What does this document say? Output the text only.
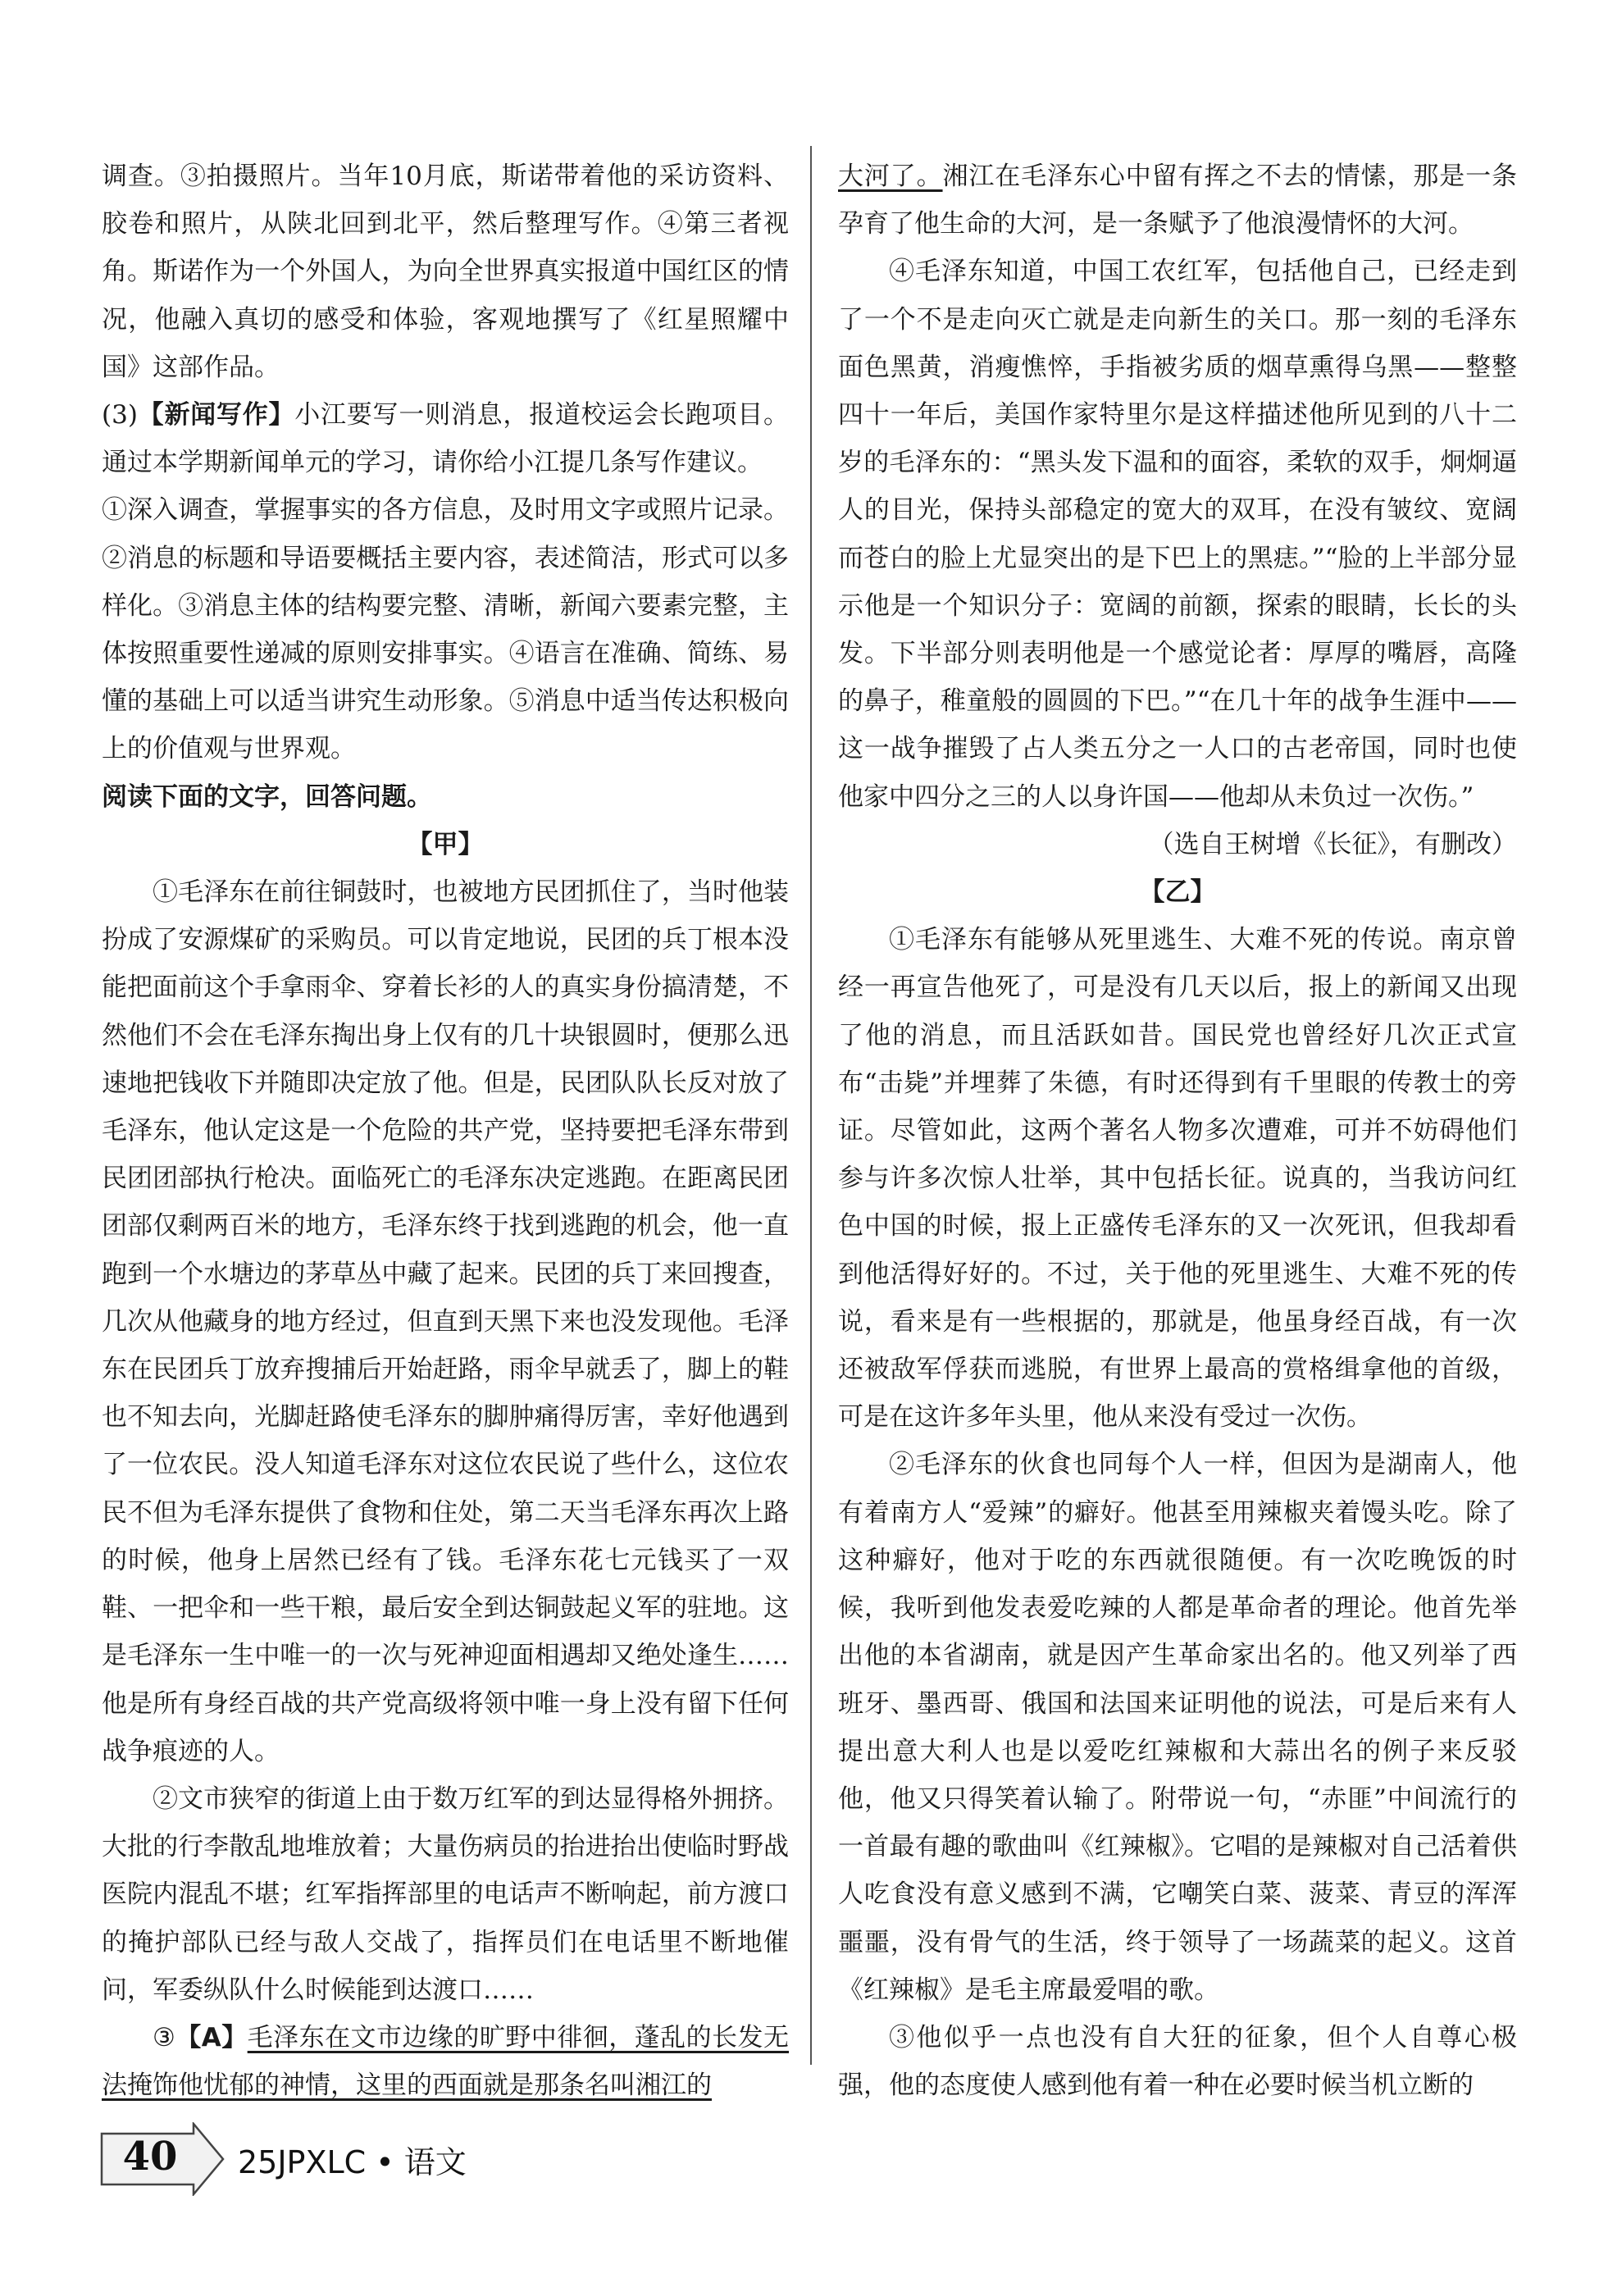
调查。③拍摄照片。当年10月底，斯诺带着他的采访资料、胶卷和照片，从陕北回到北平，然后整理写作。④第三者视角。斯诺作为一个外国人，为向全世界真实报道中国红区的情况，他融入真切的感受和体验，客观地撰写了《红星照耀中国》这部作品。

(3)【新闻写作】小江要写一则消息，报道校运会长跑项目。通过本学期新闻单元的学习，请你给小江提几条写作建议。

①深入调查，掌握事实的各方信息，及时用文字或照片记录。②消息的标题和导语要概括主要内容，表述简洁，形式可以多样化。③消息主体的结构要完整、清晰，新闻六要素完整，主体按照重要性递减的原则安排事实。④语言在准确、简练、易懂的基础上可以适当讲究生动形象。⑤消息中适当传达积极向上的价值观与世界观。

阅读下面的文字，回答问题。

【甲】

①毛泽东在前往铜鼓时，也被地方民团抓住了，当时他装扮成了安源煤矿的采购员。可以肯定地说，民团的兵丁根本没能把面前这个手拿雨伞、穿着长衫的人的真实身份搞清楚，不然他们不会在毛泽东掏出身上仅有的几十块银圆时，便那么迅速地把钱收下并随即决定放了他。但是，民团队队长反对放了毛泽东，他认定这是一个危险的共产党，坚持要把毛泽东带到民团团部执行枪决。面临死亡的毛泽东决定逃跑。在距离民团团部仅剩两百米的地方，毛泽东终于找到逃跑的机会，他一直跑到一个水塘边的茅草丛中藏了起来。民团的兵丁来回搜查，几次从他藏身的地方经过，但直到天黑下来也没发现他。毛泽东在民团兵丁放弃搜捕后开始赶路，雨伞早就丢了，脚上的鞋也不知去向，光脚赶路使毛泽东的脚肿痛得厉害，幸好他遇到了一位农民。没人知道毛泽东对这位农民说了些什么，这位农民不但为毛泽东提供了食物和住处，第二天当毛泽东再次上路的时候，他身上居然已经有了钱。毛泽东花七元钱买了一双鞋、一把伞和一些干粮，最后安全到达铜鼓起义军的驻地。这是毛泽东一生中唯一的一次与死神迎面相遇却又绝处逢生……他是所有身经百战的共产党高级将领中唯一身上没有留下任何战争痕迹的人。

②文市狭窄的街道上由于数万红军的到达显得格外拥挤。大批的行李散乱地堆放着；大量伤病员的抬进抬出使临时野战医院内混乱不堪；红军指挥部里的电话声不断响起，前方渡口的掩护部队已经与敌人交战了，指挥员们在电话里不断地催问，军委纵队什么时候能到达渡口……

③【A】毛泽东在文市边缘的旷野中徘徊，蓬乱的长发无法掩饰他忧郁的神情，这里的西面就是那条名叫湘江的

大河了。湘江在毛泽东心中留有挥之不去的情愫，那是一条孕育了他生命的大河，是一条赋予了他浪漫情怀的大河。

④毛泽东知道，中国工农红军，包括他自己，已经走到了一个不是走向灭亡就是走向新生的关口。那一刻的毛泽东面色黑黄，消瘦憔悴，手指被劣质的烟草熏得乌黑——整整四十一年后，美国作家特里尔是这样描述他所见到的八十二岁的毛泽东的：“黑头发下温和的面容，柔软的双手，炯炯逼人的目光，保持头部稳定的宽大的双耳，在没有皱纹、宽阔而苍白的脸上尤显突出的是下巴上的黑痣。”“脸的上半部分显示他是一个知识分子：宽阔的前额，探索的眼睛，长长的头发。下半部分则表明他是一个感觉论者：厚厚的嘴唇，高隆的鼻子，稚童般的圆圆的下巴。”“在几十年的战争生涯中——这一战争摧毁了占人类五分之一人口的古老帝国，同时也使他家中四分之三的人以身许国——他却从未负过一次伤。”

（选自王树增《长征》，有删改）

【乙】

①毛泽东有能够从死里逃生、大难不死的传说。南京曾经一再宣告他死了，可是没有几天以后，报上的新闻又出现了他的消息，而且活跃如昔。国民党也曾经好几次正式宣布“击毙”并埋葬了朱德，有时还得到有千里眼的传教士的旁证。尽管如此，这两个著名人物多次遭难，可并不妨碍他们参与许多次惊人壮举，其中包括长征。说真的，当我访问红色中国的时候，报上正盛传毛泽东的又一次死讯，但我却看到他活得好好的。不过，关于他的死里逃生、大难不死的传说，看来是有一些根据的，那就是，他虽身经百战，有一次还被敌军俘获而逃脱，有世界上最高的赏格缉拿他的首级，可是在这许多年头里，他从来没有受过一次伤。

②毛泽东的伙食也同每个人一样，但因为是湖南人，他有着南方人“爱辣”的癖好。他甚至用辣椒夹着馒头吃。除了这种癖好，他对于吃的东西就很随便。有一次吃晚饭的时候，我听到他发表爱吃辣的人都是革命者的理论。他首先举出他的本省湖南，就是因产生革命家出名的。他又列举了西班牙、墨西哥、俄国和法国来证明他的说法，可是后来有人提出意大利人也是以爱吃红辣椒和大蒜出名的例子来反驳他，他又只得笑着认输了。附带说一句，“赤匪”中间流行的一首最有趣的歌曲叫《红辣椒》。它唱的是辣椒对自己活着供人吃食没有意义感到不满，它嘲笑白菜、菠菜、青豆的浑浑噩噩，没有骨气的生活，终于领导了一场蔬菜的起义。这首《红辣椒》是毛主席最爱唱的歌。

③他似乎一点也没有自大狂的征象，但个人自尊心极强，他的态度使人感到他有着一种在必要时候当机立断的

40	25JPXLC • 语文
